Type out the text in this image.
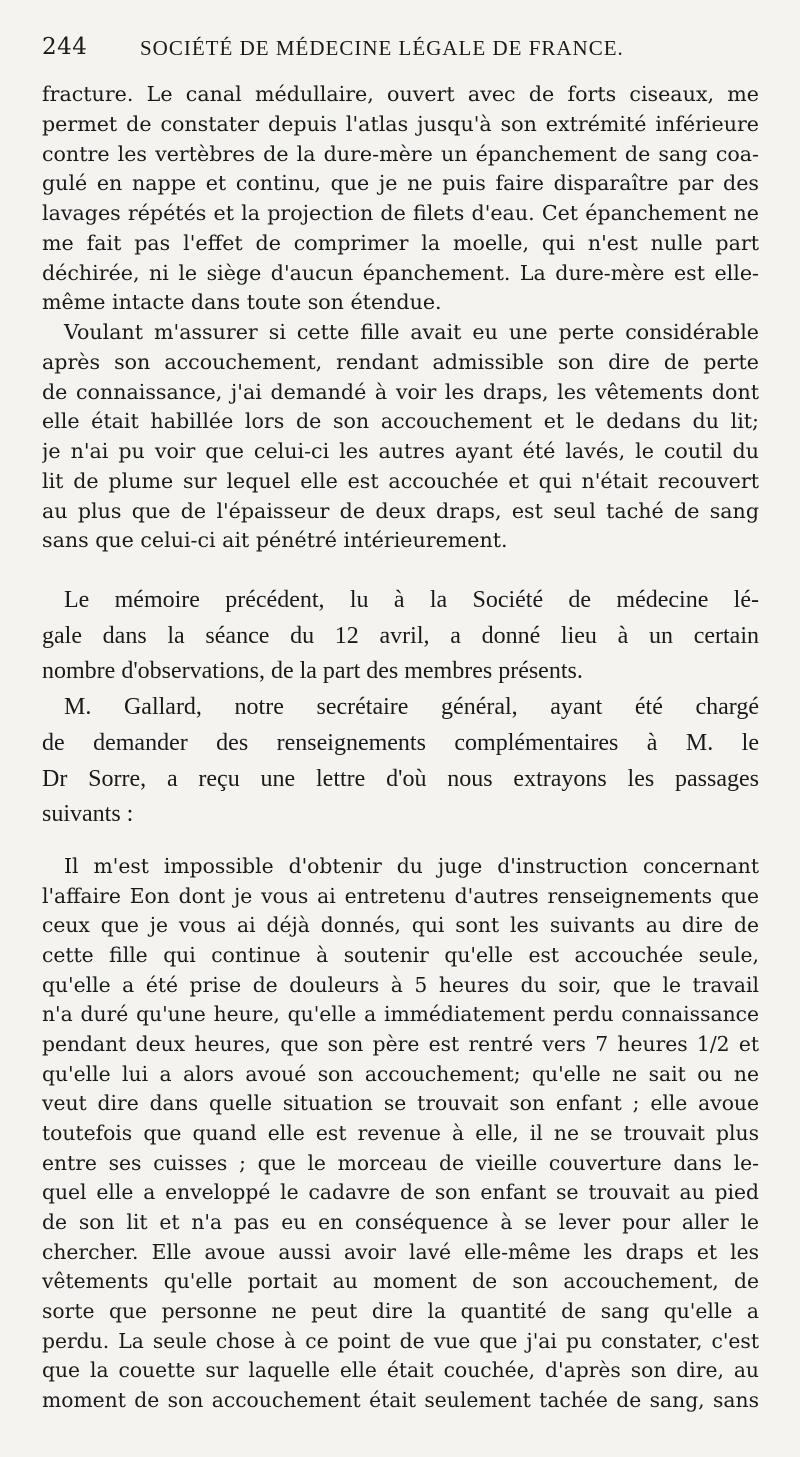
244	SOCIÉTÉ DE MÉDECINE LÉGALE DE FRANCE.
fracture. Le canal médullaire, ouvert avec de forts ciseaux, me
permet de constater depuis l'atlas jusqu'à son extrémité inférieure
contre les vertèbres de la dure-mère un épanchement de sang coa-
gulé en nappe et continu, que je ne puis faire disparaître par des
lavages répétés et la projection de filets d'eau. Cet épanchement ne
me fait pas l'effet de comprimer la moelle, qui n'est nulle part
déchirée, ni le siège d'aucun épanchement. La dure-mère est elle-
même intacte dans toute son étendue.
Voulant m'assurer si cette fille avait eu une perte considérable
après son accouchement, rendant admissible son dire de perte
de connaissance, j'ai demandé à voir les draps, les vêtements dont
elle était habillée lors de son accouchement et le dedans du lit;
je n'ai pu voir que celui-ci les autres ayant été lavés, le coutil du
lit de plume sur lequel elle est accouchée et qui n'était recouvert
au plus que de l'épaisseur de deux draps, est seul taché de sang
sans que celui-ci ait pénétré intérieurement.
Le mémoire précédent, lu à la Société de médecine lé-
gale dans la séance du 12 avril, a donné lieu à un certain
nombre d'observations, de la part des membres présents.
M. Gallard, notre secrétaire général, ayant été chargé
de demander des renseignements complémentaires à M. le
Dr Sorre, a reçu une lettre d'où nous extrayons les passages
suivants :
Il m'est impossible d'obtenir du juge d'instruction concernant
l'affaire Eon dont je vous ai entretenu d'autres renseignements que
ceux que je vous ai déjà donnés, qui sont les suivants au dire de
cette fille qui continue à soutenir qu'elle est accouchée seule,
qu'elle a été prise de douleurs à 5 heures du soir, que le travail
n'a duré qu'une heure, qu'elle a immédiatement perdu connaissance
pendant deux heures, que son père est rentré vers 7 heures 1/2 et
qu'elle lui a alors avoué son accouchement; qu'elle ne sait ou ne
veut dire dans quelle situation se trouvait son enfant ; elle avoue
toutefois que quand elle est revenue à elle, il ne se trouvait plus
entre ses cuisses ; que le morceau de vieille couverture dans le-
quel elle a enveloppé le cadavre de son enfant se trouvait au pied
de son lit et n'a pas eu en conséquence à se lever pour aller le
chercher. Elle avoue aussi avoir lavé elle-même les draps et les
vêtements qu'elle portait au moment de son accouchement, de
sorte que personne ne peut dire la quantité de sang qu'elle a
perdu. La seule chose à ce point de vue que j'ai pu constater, c'est
que la couette sur laquelle elle était couchée, d'après son dire, au
moment de son accouchement était seulement tachée de sang, sans
